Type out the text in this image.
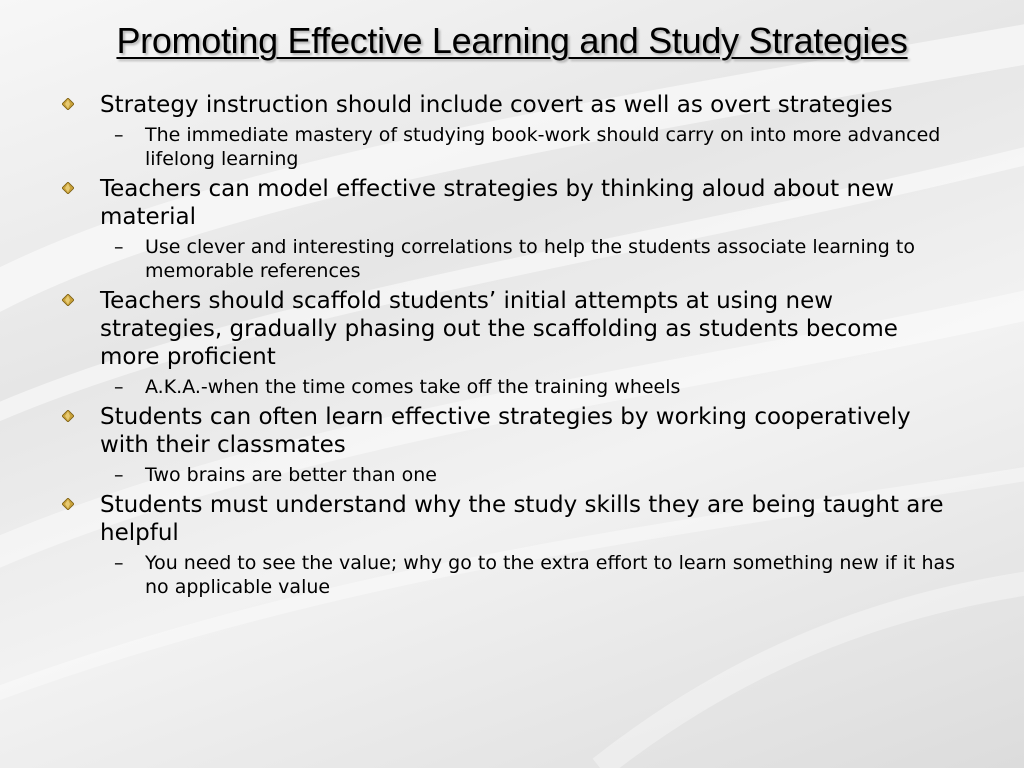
Promoting Effective Learning and Study Strategies
Strategy instruction should include covert as well as overt strategies
– The immediate mastery of studying book-work should carry on into more advanced lifelong learning
Teachers can model effective strategies by thinking aloud about new material
– Use clever and interesting correlations to help the students associate learning to memorable references
Teachers should scaffold students’ initial attempts at using new strategies, gradually phasing out the scaffolding as students become more proficient
– A.K.A.-when the time comes take off the training wheels
Students can often learn effective strategies by working cooperatively with their classmates
– Two brains are better than one
Students must understand why the study skills they are being taught are helpful
– You need to see the value; why go to the extra effort to learn something new if it has no applicable value
